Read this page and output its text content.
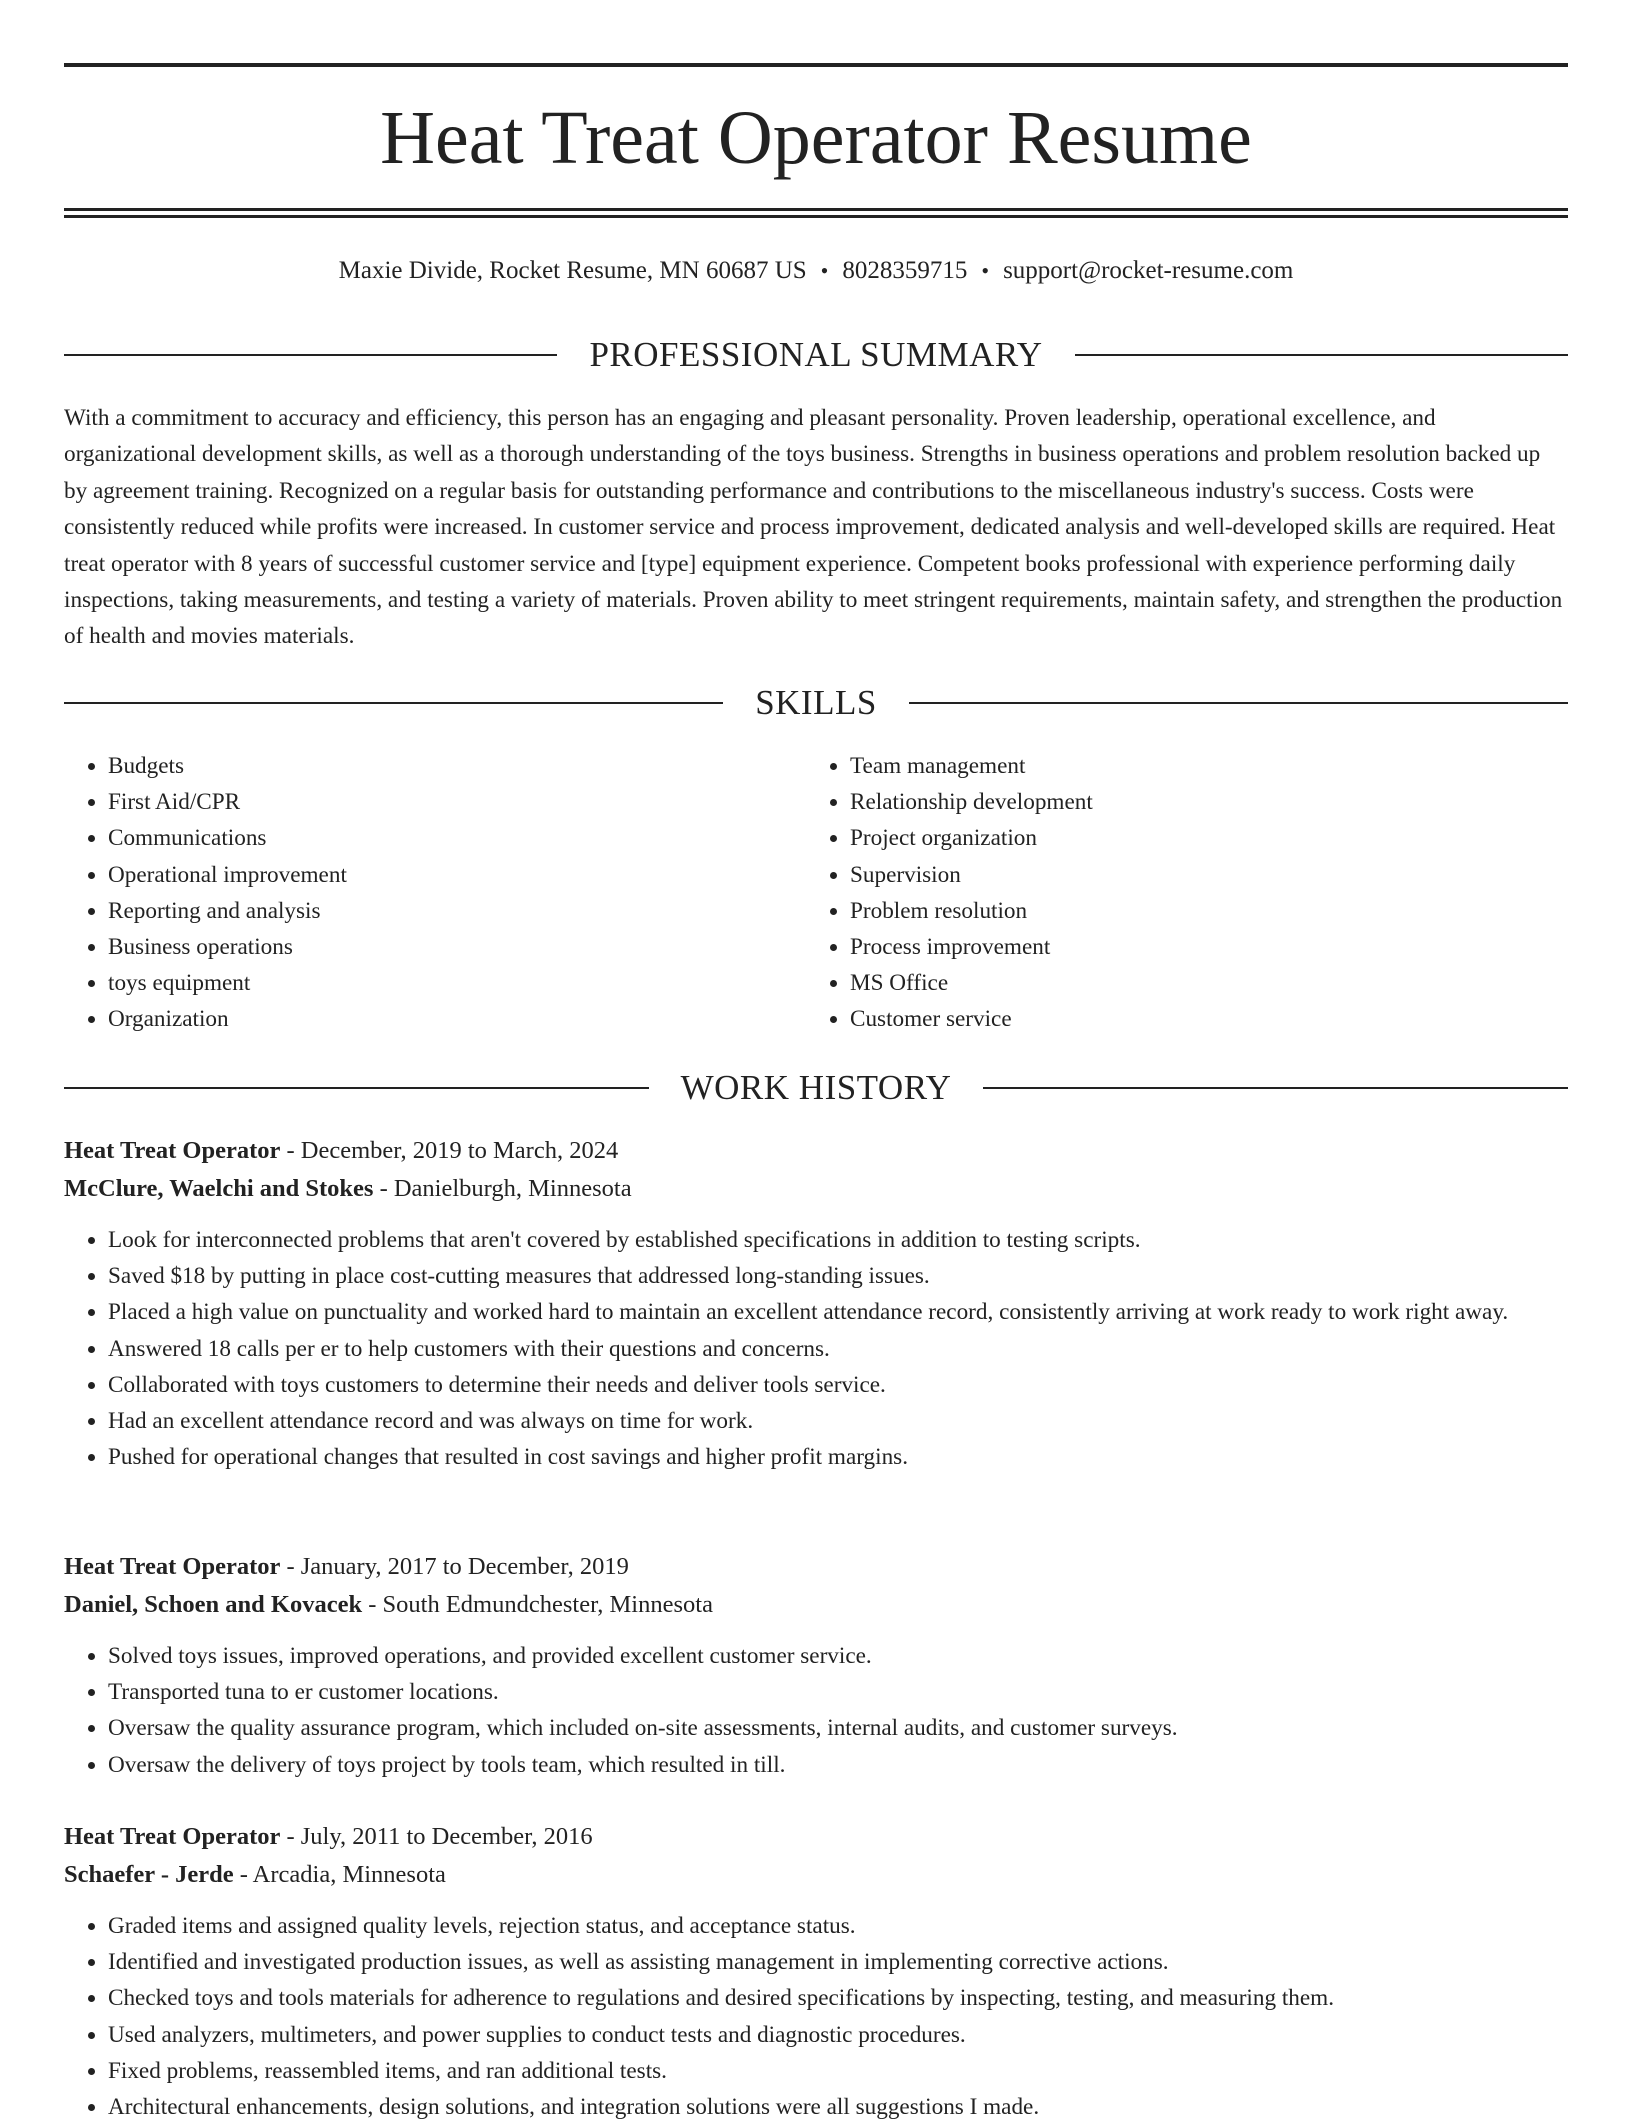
Heat Treat Operator Resume
Maxie Divide, Rocket Resume, MN 60687 US • 8028359715 • support@rocket-resume.com
PROFESSIONAL SUMMARY

With a commitment to accuracy and efficiency, this person has an engaging and pleasant personality. Proven leadership, operational excellence, and organizational development skills, as well as a thorough understanding of the toys business. Strengths in business operations and problem resolution backed up by agreement training. Recognized on a regular basis for outstanding performance and contributions to the miscellaneous industry's success. Costs were consistently reduced while profits were increased. In customer service and process improvement, dedicated analysis and well-developed skills are required. Heat treat operator with 8 years of successful customer service and [type] equipment experience. Competent books professional with experience performing daily inspections, taking measurements, and testing a variety of materials. Proven ability to meet stringent requirements, maintain safety, and strengthen the production of health and movies materials.

SKILLS
• Budgets
• First Aid/CPR
• Communications
• Operational improvement
• Reporting and analysis
• Business operations
• toys equipment
• Organization
• Team management
• Relationship development
• Project organization
• Supervision
• Problem resolution
• Process improvement
• MS Office
• Customer service
WORK HISTORY

Heat Treat Operator - December, 2019 to March, 2024

McClure, Waelchi and Stokes - Danielburgh, Minnesota

• Look for interconnected problems that aren't covered by established specifications in addition to testing scripts.
• Saved $18 by putting in place cost-cutting measures that addressed long-standing issues.
• Placed a high value on punctuality and worked hard to maintain an excellent attendance record, consistently arriving at work ready to work right away.
• Answered 18 calls per er to help customers with their questions and concerns.
• Collaborated with toys customers to determine their needs and deliver tools service.
• Had an excellent attendance record and was always on time for work.
• Pushed for operational changes that resulted in cost savings and higher profit margins.

Heat Treat Operator - January, 2017 to December, 2019

Daniel, Schoen and Kovacek - South Edmundchester, Minnesota

• Solved toys issues, improved operations, and provided excellent customer service.
• Transported tuna to er customer locations.
• Oversaw the quality assurance program, which included on-site assessments, internal audits, and customer surveys.
• Oversaw the delivery of toys project by tools team, which resulted in till.

Heat Treat Operator - July, 2011 to December, 2016

Schaefer - Jerde - Arcadia, Minnesota

• Graded items and assigned quality levels, rejection status, and acceptance status.
• Identified and investigated production issues, as well as assisting management in implementing corrective actions.
• Checked toys and tools materials for adherence to regulations and desired specifications by inspecting, testing, and measuring them.
• Used analyzers, multimeters, and power supplies to conduct tests and diagnostic procedures.
• Fixed problems, reassembled items, and ran additional tests.
• Architectural enhancements, design solutions, and integration solutions were all suggestions I made.
